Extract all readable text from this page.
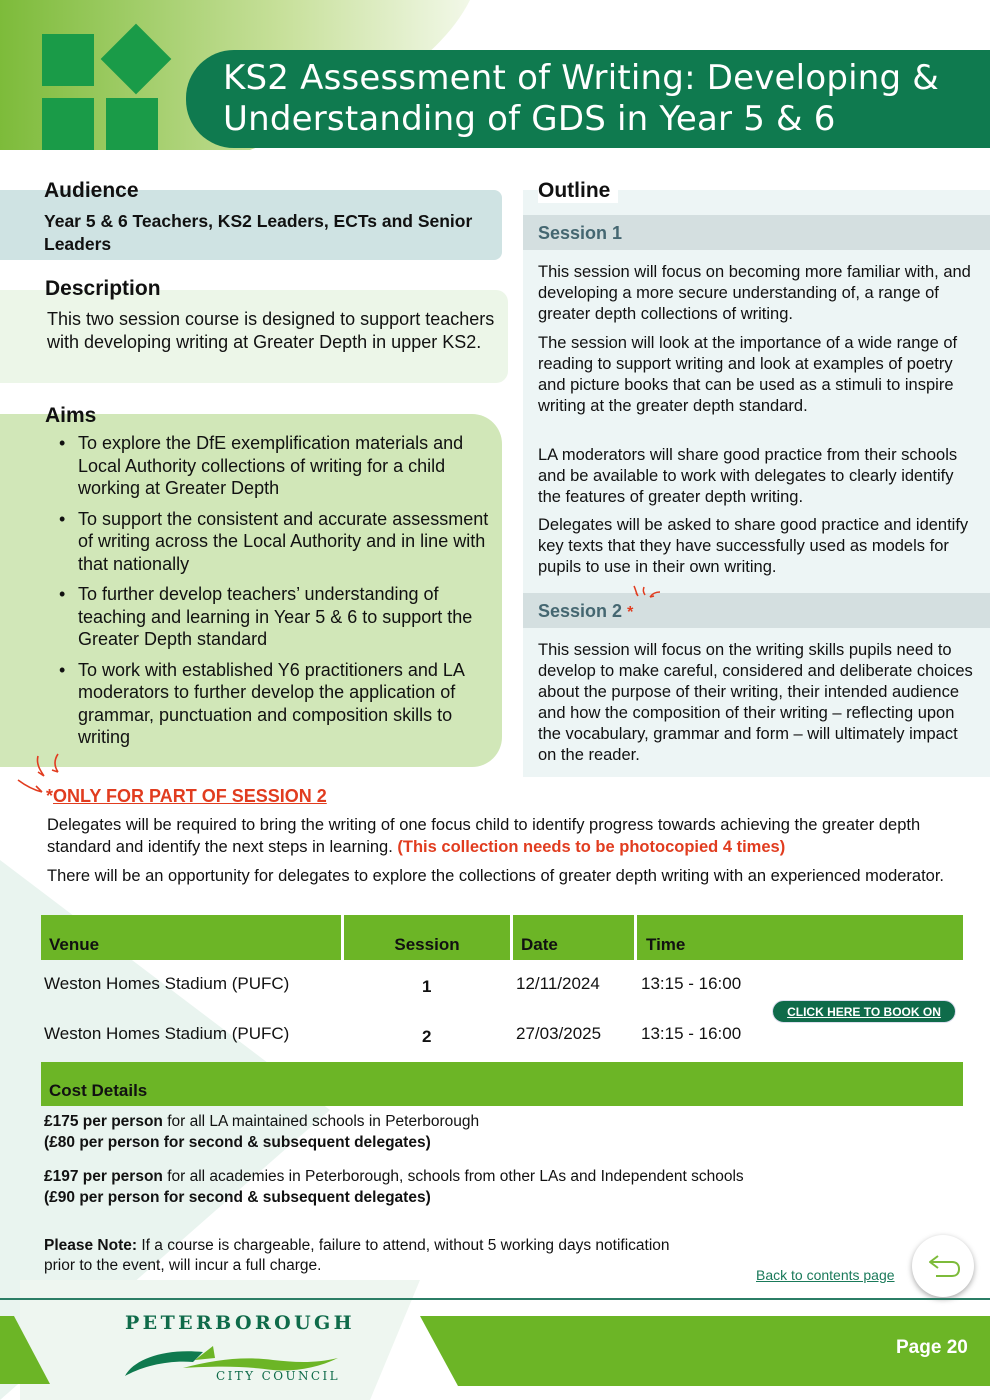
KS2 Assessment of Writing: Developing & Understanding of GDS in Year 5 & 6
Audience
Year 5 & 6 Teachers, KS2 Leaders, ECTs and Senior Leaders
Description
This two session course is designed to support teachers with developing writing at Greater Depth in upper KS2.
Aims
• To explore the DfE exemplification materials and Local Authority collections of writing for a child working at Greater Depth
• To support the consistent and accurate assessment of writing across the Local Authority and in line with that nationally
• To further develop teachers’ understanding of teaching and learning in Year 5 & 6 to support the Greater Depth standard
• To work with established Y6 practitioners and LA moderators to further develop the application of grammar, punctuation and composition skills to writing
Outline
Session 1
This session will focus on becoming more familiar with, and developing a more secure understanding of, a range of greater depth collections of writing.
The session will look at the importance of a wide range of reading to support writing and look at examples of poetry and picture books that can be used as a stimuli to inspire writing at the greater depth standard.
LA moderators will share good practice from their schools and be available to work with delegates to clearly identify the features of greater depth writing.
Delegates will be asked to share good practice and identify key texts that they have successfully used as models for pupils to use in their own writing.
Session 2 *
This session will focus on the writing skills pupils need to develop to make careful, considered and deliberate choices about the purpose of their writing, their intended audience and how the composition of their writing – reflecting upon the vocabulary, grammar and form – will ultimately impact on the reader.
*ONLY FOR PART OF SESSION 2
Delegates will be required to bring the writing of one focus child to identify progress towards achieving the greater depth standard and identify the next steps in learning. (This collection needs to be photocopied 4 times)
There will be an opportunity for delegates to explore the collections of greater depth writing with an experienced moderator.
Venue	Session	Date	Time
Weston Homes Stadium (PUFC)	1	12/11/2024 13:15 - 16:00
Weston Homes Stadium (PUFC)	2	27/03/2025 13:15 - 16:00
CLICK HERE TO BOOK ON
Cost Details
£175 per person for all LA maintained schools in Peterborough
(£80 per person for second & subsequent delegates)
£197 per person for all academies in Peterborough, schools from other LAs and Independent schools
(£90 per person for second & subsequent delegates)
Please Note: If a course is chargeable, failure to attend, without 5 working days notification
prior to the event, will incur a full charge.
Back to contents page
Page 20
PETERBOROUGH
CITY COUNCIL
